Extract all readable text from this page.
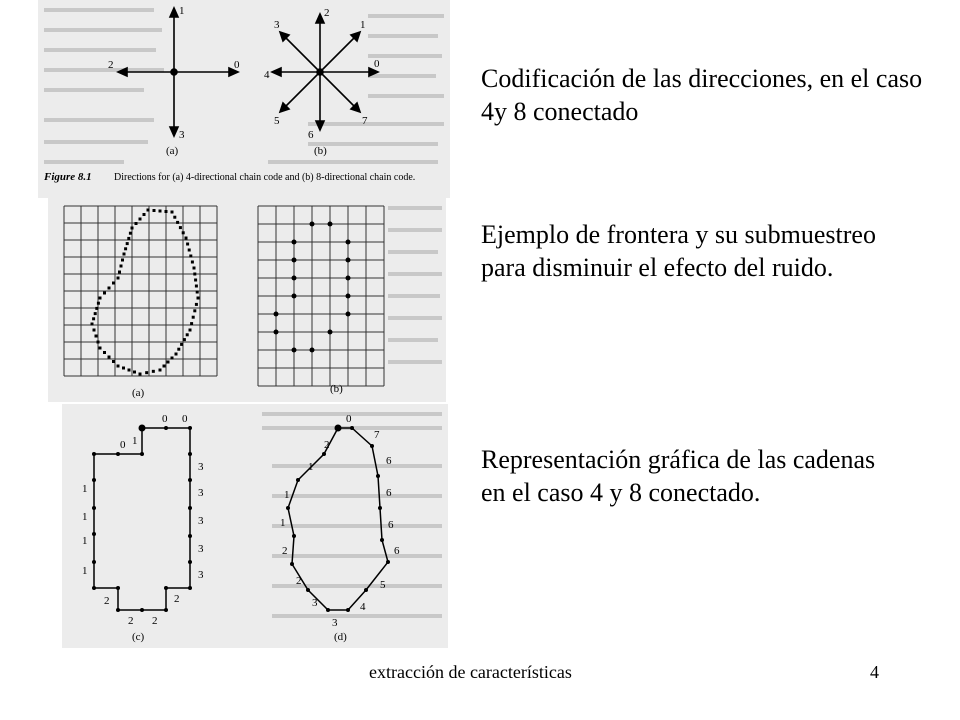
1
2	0
3
0
1
2
3
4
5
6
7
(a)	(b)
Figure 8.1 Directions for (a) 4-directional chain code and (b) 8-directional chain code.
(a)	(b)
0 0
3
3
3
3
3
2
2
2
2
1
1
1
1
0 1
0
7
6
6
6
6
5
4
3
3
2
2
1
1
1
2
(c)	(d)

Codificación de las direcciones, en el caso 4y 8 conectado

Ejemplo de frontera y su submuestreo para disminuir el efecto del ruido.

Representación gráfica de las cadenas en el caso 4 y 8 conectado.

extracción de características	4
